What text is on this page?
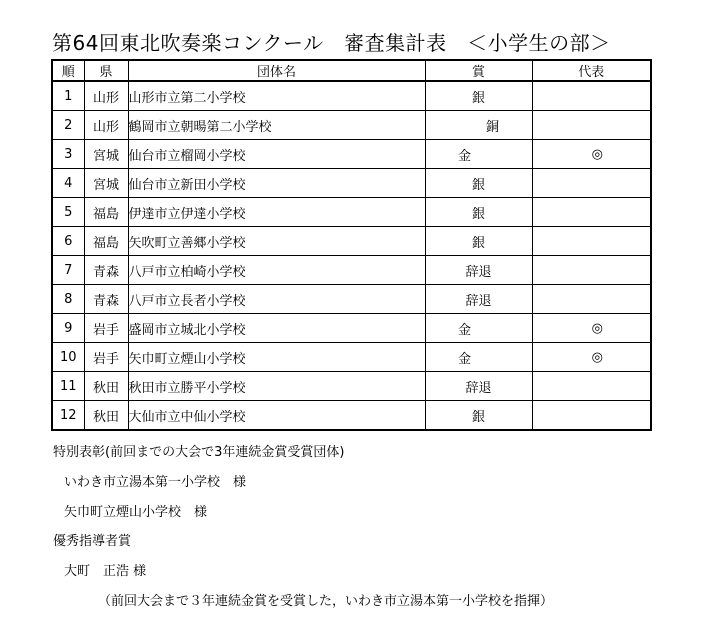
第64回東北吹奏楽コンクール　審査集計表　＜小学生の部＞
順	県	団体名	賞	代表
1	山形	山形市立第二小学校	銀	
2	山形	鶴岡市立朝暘第二小学校	銅	
3	宮城	仙台市立榴岡小学校	金	◎
4	宮城	仙台市立新田小学校	銀	
5	福島	伊達市立伊達小学校	銀	
6	福島	矢吹町立善郷小学校	銀	
7	青森	八戸市立柏崎小学校	辞退	
8	青森	八戸市立長者小学校	辞退	
9	岩手	盛岡市立城北小学校	金	◎
10	岩手	矢巾町立煙山小学校	金	◎
11	秋田	秋田市立勝平小学校	辞退	
12	秋田	大仙市立中仙小学校	銀	

特別表彰(前回までの大会で3年連続金賞受賞団体)

いわき市立湯本第一小学校　様

矢巾町立煙山小学校　様

優秀指導者賞

大町　正浩 様

（前回大会まで３年連続金賞を受賞した，いわき市立湯本第一小学校を指揮）
